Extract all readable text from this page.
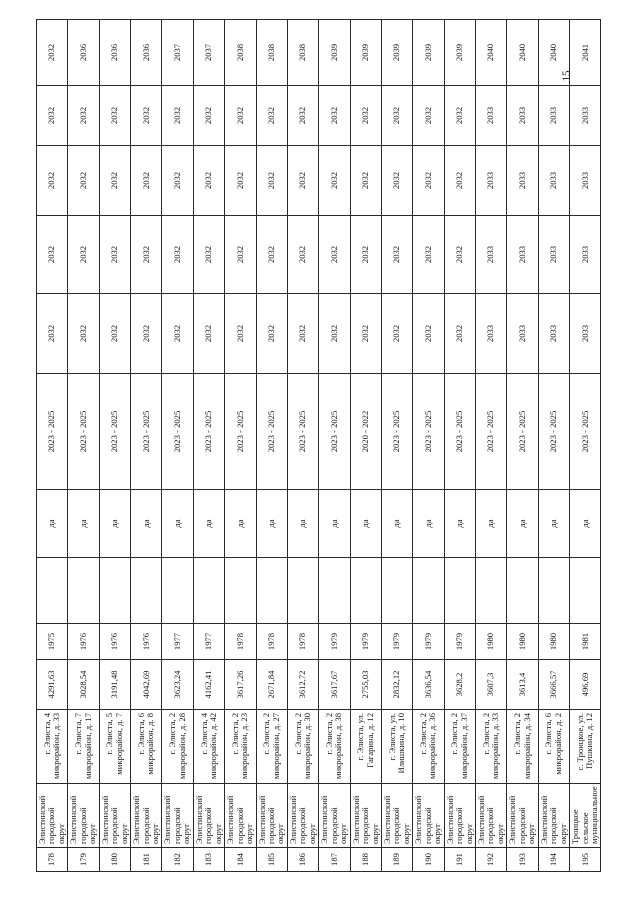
15
178	Элистинский городской округ	г. Элиста, 4 микрорайон, д. 33	4291,63	1975		да	2023 - 2025	2032	2032	2032	2032	2032
179	Элистинский городской округ	г. Элиста, 7 микрорайон, д. 17	3028,54	1976		да	2023 - 2025	2032	2032	2032	2032	2036
180	Элистинский городской округ	г. Элиста, 5 микрорайон, д. 7	3191,48	1976		да	2023 - 2025	2032	2032	2032	2032	2036
181	Элистинский городской округ	г. Элиста, 6 микрорайон, д. 8	4042,69	1976		да	2023 - 2025	2032	2032	2032	2032	2036
182	Элистинский городской округ	г. Элиста, 2 микрорайон, д. 28	3623,24	1977		да	2023 - 2025	2032	2032	2032	2032	2037
183	Элистинский городской округ	г. Элиста, 4 микрорайон, д. 42	4162,41	1977		да	2023 - 2025	2032	2032	2032	2032	2037
184	Элистинский городской округ	г. Элиста, 2 микрорайон, д. 23	3617,26	1978		да	2023 - 2025	2032	2032	2032	2032	2038
185	Элистинский городской округ	г. Элиста, 2 микрорайон, д. 27	2671,84	1978		да	2023 - 2025	2032	2032	2032	2032	2038
186	Элистинский городской округ	г. Элиста, 2 микрорайон, д. 30	3612,72	1978		да	2023 - 2025	2032	2032	2032	2032	2038
187	Элистинский городской округ	г. Элиста, 2 микрорайон, д. 38	3617,67	1979		да	2023 - 2025	2032	2032	2032	2032	2039
188	Элистинский городской округ	г. Элиста, ул. Гагарина, д. 12	2755,03	1979		да	2020 - 2022	2032	2032	2032	2032	2039
189	Элистинский городской округ	г. Элиста, ул. Илишкина, д. 10	2832,12	1979		да	2023 - 2025	2032	2032	2032	2032	2039
190	Элистинский городской округ	г. Элиста, 2 микрорайон, д. 36	3636,54	1979		да	2023 - 2025	2032	2032	2032	2032	2039
191	Элистинский городской округ	г. Элиста, 2 микрорайон, д. 37	3628,2	1979		да	2023 - 2025	2032	2032	2032	2032	2039
192	Элистинский городской округ	г. Элиста, 2 микрорайон, д. 33	3607,3	1980		да	2023 - 2025	2033	2033	2033	2033	2040
193	Элистинский городской округ	г. Элиста, 2 микрорайон, д. 34	3613,4	1980		да	2023 - 2025	2033	2033	2033	2033	2040
194	Элистинский городской округ	г. Элиста, 6 микрорайон, д. 2	3666,57	1980		да	2023 - 2025	2033	2033	2033	2033	2040
195	Троицкое сельское муниципальное	с. Троицкое, ул. Пушкина, д. 12	496,69	1981		да	2023 - 2025	2033	2033	2033	2033	2041
